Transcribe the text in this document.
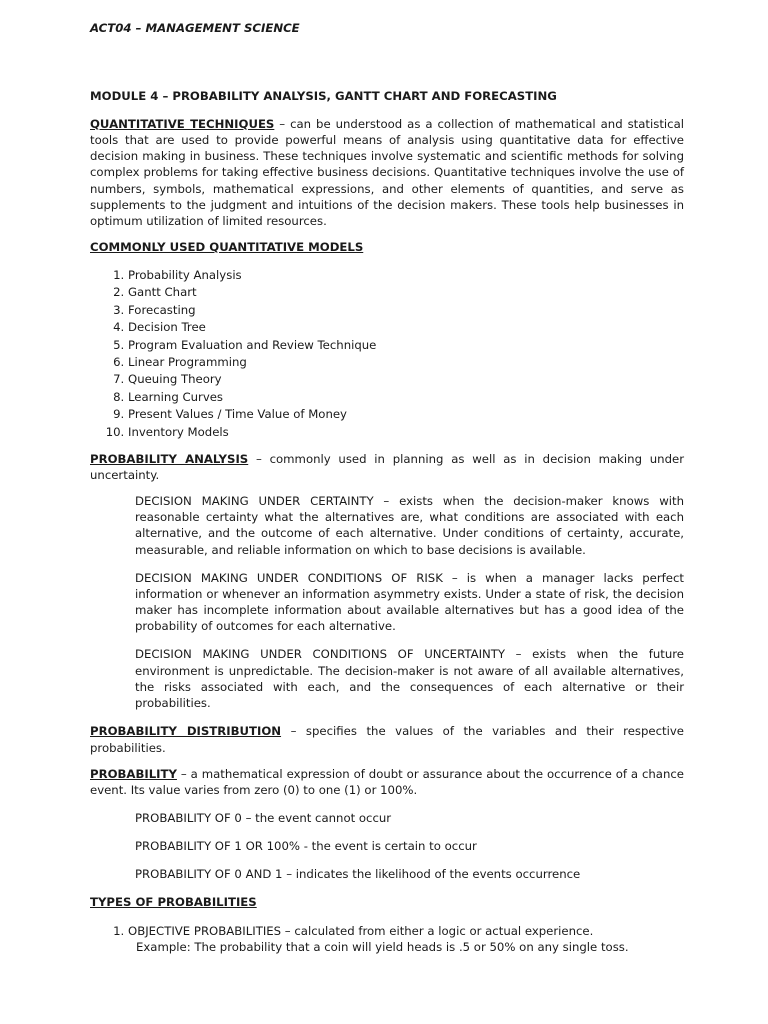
ACT04 – MANAGEMENT SCIENCE

MODULE 4 – PROBABILITY ANALYSIS, GANTT CHART AND FORECASTING

QUANTITATIVE TECHNIQUES – can be understood as a collection of mathematical and statistical tools that are used to provide powerful means of analysis using quantitative data for effective decision making in business. These techniques involve systematic and scientific methods for solving complex problems for taking effective business decisions. Quantitative techniques involve the use of numbers, symbols, mathematical expressions, and other elements of quantities, and serve as supplements to the judgment and intuitions of the decision makers. These tools help businesses in optimum utilization of limited resources.

COMMONLY USED QUANTITATIVE MODELS

1. Probability Analysis
2. Gantt Chart
3. Forecasting
4. Decision Tree
5. Program Evaluation and Review Technique
6. Linear Programming
7. Queuing Theory
8. Learning Curves
9. Present Values / Time Value of Money
10. Inventory Models

PROBABILITY ANALYSIS – commonly used in planning as well as in decision making under uncertainty.

DECISION MAKING UNDER CERTAINTY – exists when the decision-maker knows with reasonable certainty what the alternatives are, what conditions are associated with each alternative, and the outcome of each alternative. Under conditions of certainty, accurate, measurable, and reliable information on which to base decisions is available.

DECISION MAKING UNDER CONDITIONS OF RISK – is when a manager lacks perfect information or whenever an information asymmetry exists. Under a state of risk, the decision maker has incomplete information about available alternatives but has a good idea of the probability of outcomes for each alternative.

DECISION MAKING UNDER CONDITIONS OF UNCERTAINTY – exists when the future environment is unpredictable. The decision-maker is not aware of all available alternatives, the risks associated with each, and the consequences of each alternative or their probabilities.

PROBABILITY DISTRIBUTION – specifies the values of the variables and their respective probabilities.

PROBABILITY – a mathematical expression of doubt or assurance about the occurrence of a chance event. Its value varies from zero (0) to one (1) or 100%.

PROBABILITY OF 0 – the event cannot occur

PROBABILITY OF 1 OR 100% - the event is certain to occur

PROBABILITY OF 0 AND 1 – indicates the likelihood of the events occurrence

TYPES OF PROBABILITIES

1. OBJECTIVE PROBABILITIES – calculated from either a logic or actual experience.
Example: The probability that a coin will yield heads is .5 or 50% on any single toss.
